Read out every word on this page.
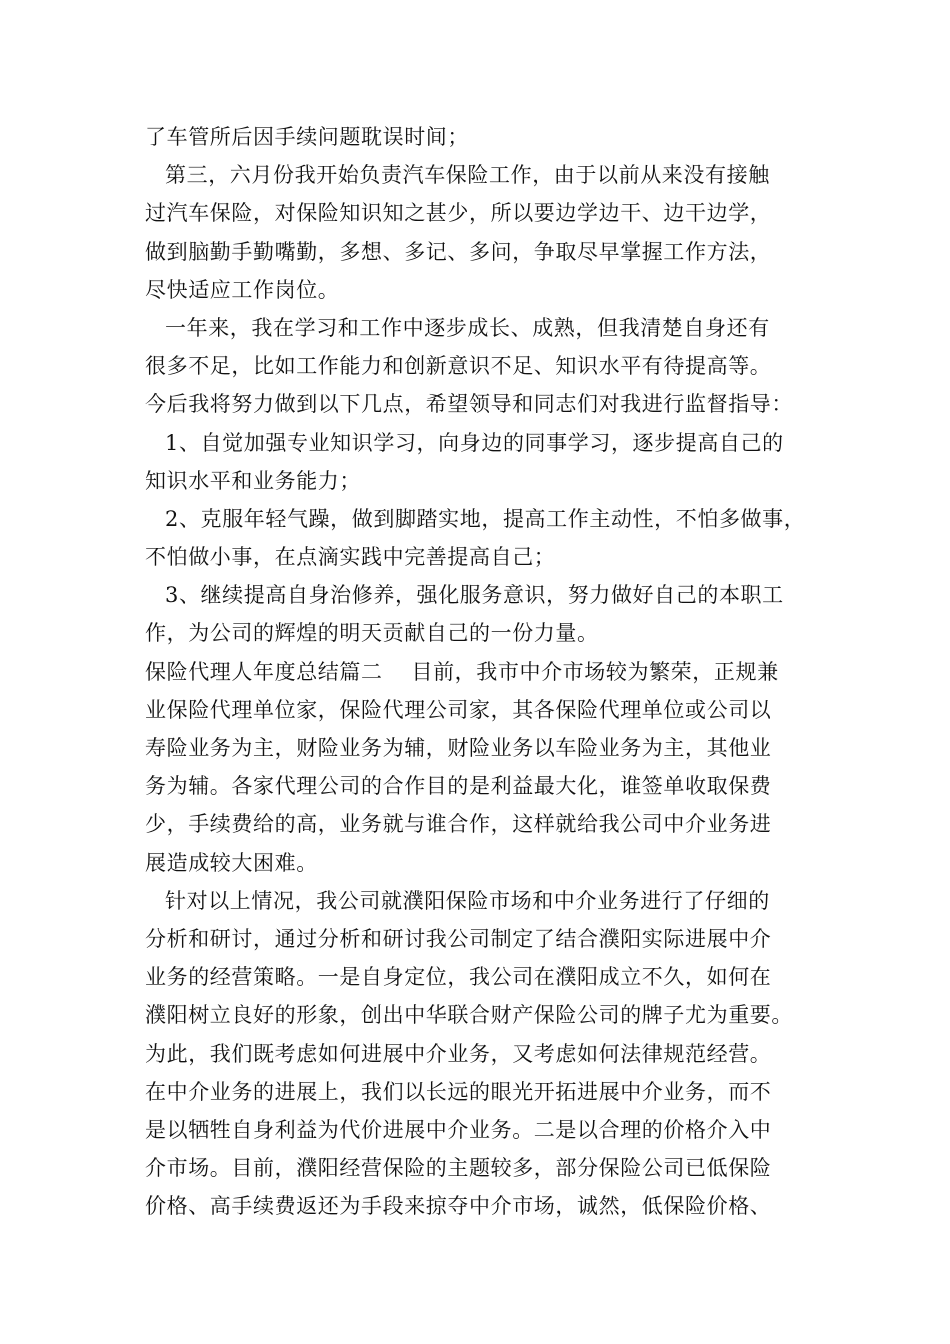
了车管所后因手续问题耽误时间；
第三，六月份我开始负责汽车保险工作，由于以前从来没有接触
过汽车保险，对保险知识知之甚少，所以要边学边干、边干边学，
做到脑勤手勤嘴勤，多想、多记、多问，争取尽早掌握工作方法，
尽快适应工作岗位。
一年来，我在学习和工作中逐步成长、成熟，但我清楚自身还有
很多不足，比如工作能力和创新意识不足、知识水平有待提高等。
今后我将努力做到以下几点，希望领导和同志们对我进行监督指导：
1、自觉加强专业知识学习，向身边的同事学习，逐步提高自己的
知识水平和业务能力；
2、克服年轻气躁，做到脚踏实地，提高工作主动性，不怕多做事，
不怕做小事，在点滴实践中完善提高自己；
3、继续提高自身治修养，强化服务意识，努力做好自己的本职工
作，为公司的辉煌的明天贡献自己的一份力量。
保险代理人年度总结篇二　 目前，我市中介市场较为繁荣，正规兼
业保险代理单位家，保险代理公司家，其各保险代理单位或公司以
寿险业务为主，财险业务为辅，财险业务以车险业务为主，其他业
务为辅。各家代理公司的合作目的是利益最大化，谁签单收取保费
少，手续费给的高，业务就与谁合作，这样就给我公司中介业务进
展造成较大困难。
针对以上情况，我公司就濮阳保险市场和中介业务进行了仔细的
分析和研讨，通过分析和研讨我公司制定了结合濮阳实际进展中介
业务的经营策略。一是自身定位，我公司在濮阳成立不久，如何在
濮阳树立良好的形象，创出中华联合财产保险公司的牌子尤为重要。
为此，我们既考虑如何进展中介业务，又考虑如何法律规范经营。
在中介业务的进展上，我们以长远的眼光开拓进展中介业务，而不
是以牺牲自身利益为代价进展中介业务。二是以合理的价格介入中
介市场。目前，濮阳经营保险的主题较多，部分保险公司已低保险
价格、高手续费返还为手段来掠夺中介市场，诚然，低保险价格、
